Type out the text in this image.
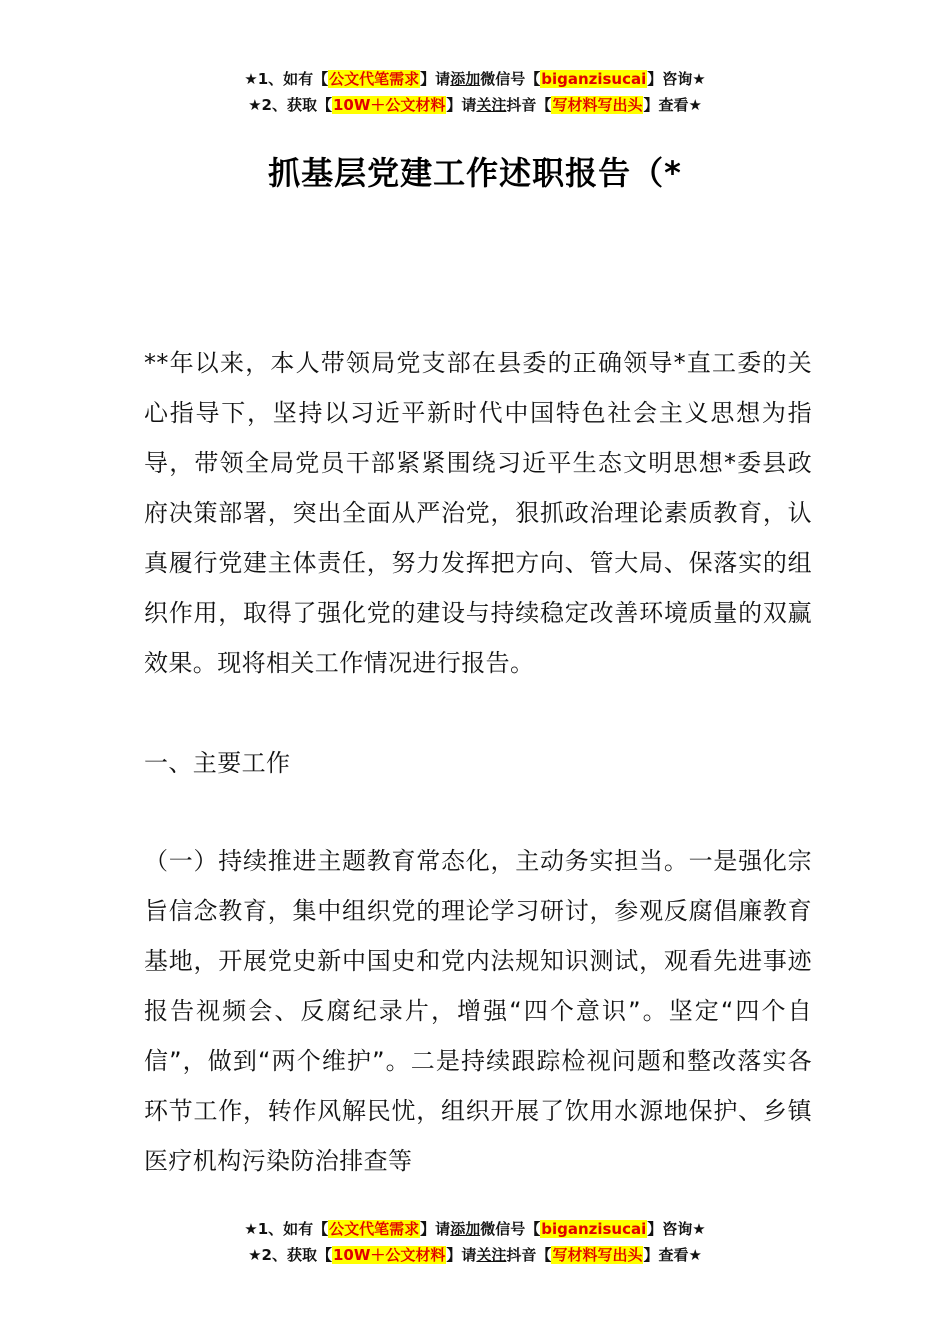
★1、如有【公文代笔需求】请添加微信号【biganzisucai】咨询★
★2、获取【10W＋公文材料】请关注抖音【写材料写出头】查看★
抓基层党建工作述职报告（*

**年以来，本人带领局党支部在县委的正确领导*直工委的关心指导下，坚持以习近平新时代中国特色社会主义思想为指导，带领全局党员干部紧紧围绕习近平生态文明思想*委县政府决策部署，突出全面从严治党，狠抓政治理论素质教育，认真履行党建主体责任，努力发挥把方向、管大局、保落实的组织作用，取得了强化党的建设与持续稳定改善环境质量的双赢效果。现将相关工作情况进行报告。

一、主要工作

（一）持续推进主题教育常态化，主动务实担当。一是强化宗旨信念教育，集中组织党的理论学习研讨，参观反腐倡廉教育基地，开展党史新中国史和党内法规知识测试，观看先进事迹报告视频会、反腐纪录片，增强“四个意识”。坚定“四个自信”，做到“两个维护”。二是持续跟踪检视问题和整改落实各环节工作，转作风解民忧，组织开展了饮用水源地保护、乡镇医疗机构污染防治排查等

★1、如有【公文代笔需求】请添加微信号【biganzisucai】咨询★
★2、获取【10W＋公文材料】请关注抖音【写材料写出头】查看★
